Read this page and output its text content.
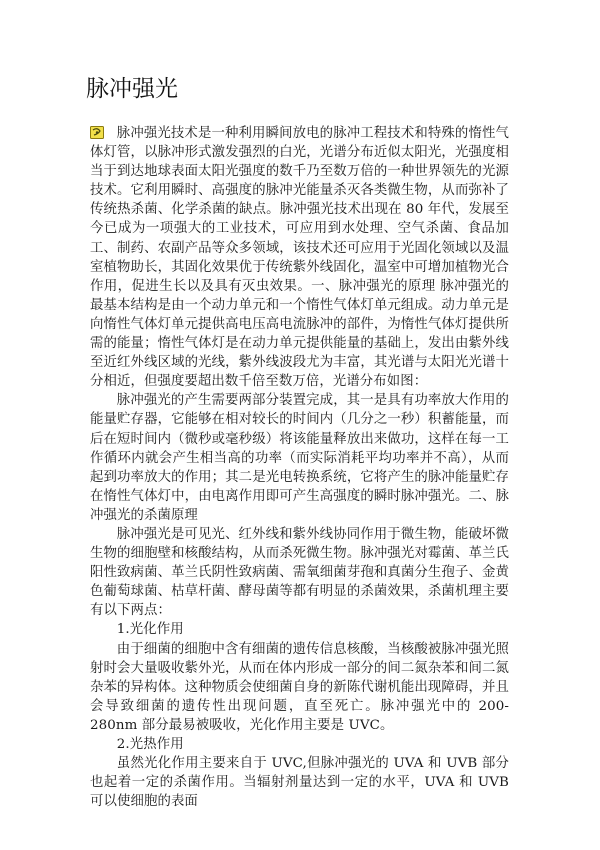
脉冲强光

脉冲强光技术是一种利用瞬间放电的脉冲工程技术和特殊的惰性气体灯管，以脉冲形式激发强烈的白光，光谱分布近似太阳光，光强度相当于到达地球表面太阳光强度的数千乃至数万倍的一种世界领先的光源技术。它利用瞬时、高强度的脉冲光能量杀灭各类微生物，从而弥补了传统热杀菌、化学杀菌的缺点。脉冲强光技术出现在 80 年代，发展至今已成为一项强大的工业技术，可应用到水处理、空气杀菌、食品加工、制药、农副产品等众多领域，该技术还可应用于光固化领域以及温室植物助长，其固化效果优于传统紫外线固化，温室中可增加植物光合作用，促进生长以及具有灭虫效果。一、脉冲强光的原理 脉冲强光的最基本结构是由一个动力单元和一个惰性气体灯单元组成。动力单元是向惰性气体灯单元提供高电压高电流脉冲的部件，为惰性气体灯提供所需的能量；惰性气体灯是在动力单元提供能量的基础上，发出由紫外线至近红外线区域的光线，紫外线波段尤为丰富，其光谱与太阳光光谱十分相近，但强度要超出数千倍至数万倍，光谱分布如图：

脉冲强光的产生需要两部分装置完成，其一是具有功率放大作用的能量贮存器，它能够在相对较长的时间内（几分之一秒）积蓄能量，而后在短时间内（微秒或毫秒级）将该能量释放出来做功，这样在每一工作循环内就会产生相当高的功率（而实际消耗平均功率并不高），从而起到功率放大的作用；其二是光电转换系统，它将产生的脉冲能量贮存在惰性气体灯中，由电离作用即可产生高强度的瞬时脉冲强光。二、脉冲强光的杀菌原理

脉冲强光是可见光、红外线和紫外线协同作用于微生物，能破坏微生物的细胞壁和核酸结构，从而杀死微生物。脉冲强光对霉菌、革兰氏阳性致病菌、革兰氏阴性致病菌、需氧细菌芽孢和真菌分生孢子、金黄色葡萄球菌、枯草杆菌、酵母菌等都有明显的杀菌效果，杀菌机理主要有以下两点：

1.光化作用

由于细菌的细胞中含有细菌的遗传信息核酸，当核酸被脉冲强光照射时会大量吸收紫外光，从而在体内形成一部分的间二氮杂苯和间二氮杂苯的异构体。这种物质会使细菌自身的新陈代谢机能出现障碍，并且会导致细菌的遗传性出现问题，直至死亡。脉冲强光中的 200-280nm 部分最易被吸收，光化作用主要是 UVC。

2.光热作用

虽然光化作用主要来自于 UVC,但脉冲强光的 UVA 和 UVB 部分也起着一定的杀菌作用。当辐射剂量达到一定的水平，UVA 和 UVB 可以使细胞的表面
